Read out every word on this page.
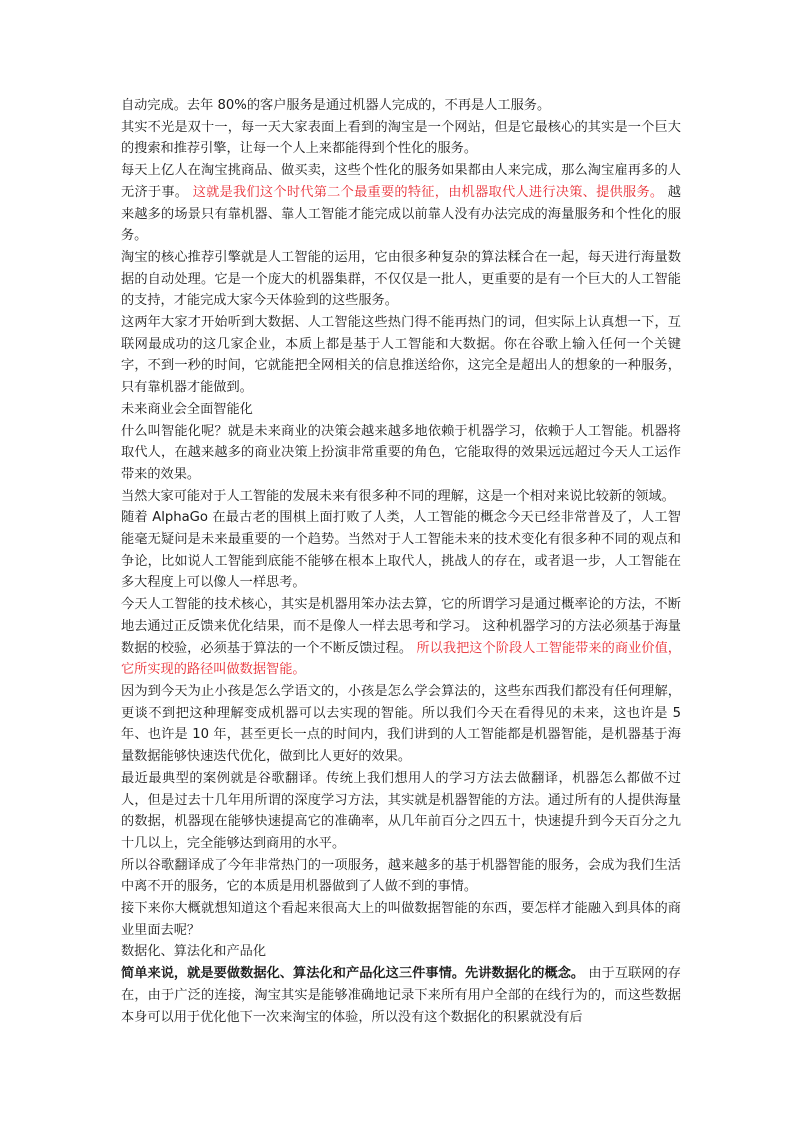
自动完成。去年 80%的客户服务是通过机器人完成的，不再是人工服务。

其实不光是双十一，每一天大家表面上看到的淘宝是一个网站，但是它最核心的其实是一个巨大的搜索和推荐引擎，让每一个人上来都能得到个性化的服务。

每天上亿人在淘宝挑商品、做买卖，这些个性化的服务如果都由人来完成，那么淘宝雇再多的人无济于事。 这就是我们这个时代第二个最重要的特征，由机器取代人进行决策、提供服务。 越来越多的场景只有靠机器、靠人工智能才能完成以前靠人没有办法完成的海量服务和个性化的服务。

淘宝的核心推荐引擎就是人工智能的运用，它由很多种复杂的算法糅合在一起，每天进行海量数据的自动处理。它是一个庞大的机器集群，不仅仅是一批人，更重要的是有一个巨大的人工智能的支持，才能完成大家今天体验到的这些服务。

这两年大家才开始听到大数据、人工智能这些热门得不能再热门的词，但实际上认真想一下，互联网最成功的这几家企业，本质上都是基于人工智能和大数据。你在谷歌上输入任何一个关键字，不到一秒的时间，它就能把全网相关的信息推送给你，这完全是超出人的想象的一种服务，只有靠机器才能做到。

未来商业会全面智能化

什么叫智能化呢？就是未来商业的决策会越来越多地依赖于机器学习，依赖于人工智能。机器将取代人，在越来越多的商业决策上扮演非常重要的角色，它能取得的效果远远超过今天人工运作带来的效果。

当然大家可能对于人工智能的发展未来有很多种不同的理解，这是一个相对来说比较新的领域。

随着 AlphaGo 在最古老的围棋上面打败了人类，人工智能的概念今天已经非常普及了，人工智能毫无疑问是未来最重要的一个趋势。当然对于人工智能未来的技术变化有很多种不同的观点和争论，比如说人工智能到底能不能够在根本上取代人，挑战人的存在，或者退一步，人工智能在多大程度上可以像人一样思考。

今天人工智能的技术核心，其实是机器用笨办法去算，它的所谓学习是通过概率论的方法，不断地去通过正反馈来优化结果，而不是像人一样去思考和学习。 这种机器学习的方法必须基于海量数据的校验，必须基于算法的一个不断反馈过程。 所以我把这个阶段人工智能带来的商业价值，它所实现的路径叫做数据智能。

因为到今天为止小孩是怎么学语文的，小孩是怎么学会算法的，这些东西我们都没有任何理解，更谈不到把这种理解变成机器可以去实现的智能。所以我们今天在看得见的未来，这也许是 5 年、也许是 10 年，甚至更长一点的时间内，我们讲到的人工智能都是机器智能，是机器基于海量数据能够快速迭代优化，做到比人更好的效果。

最近最典型的案例就是谷歌翻译。传统上我们想用人的学习方法去做翻译，机器怎么都做不过人，但是过去十几年用所谓的深度学习方法，其实就是机器智能的方法。通过所有的人提供海量的数据，机器现在能够快速提高它的准确率，从几年前百分之四五十，快速提升到今天百分之九十几以上，完全能够达到商用的水平。

所以谷歌翻译成了今年非常热门的一项服务，越来越多的基于机器智能的服务，会成为我们生活中离不开的服务，它的本质是用机器做到了人做不到的事情。

接下来你大概就想知道这个看起来很高大上的叫做数据智能的东西，要怎样才能融入到具体的商业里面去呢？

数据化、算法化和产品化

简单来说，就是要做数据化、算法化和产品化这三件事情。先讲数据化的概念。 由于互联网的存在，由于广泛的连接，淘宝其实是能够准确地记录下来所有用户全部的在线行为的，而这些数据本身可以用于优化他下一次来淘宝的体验，所以没有这个数据化的积累就没有后
